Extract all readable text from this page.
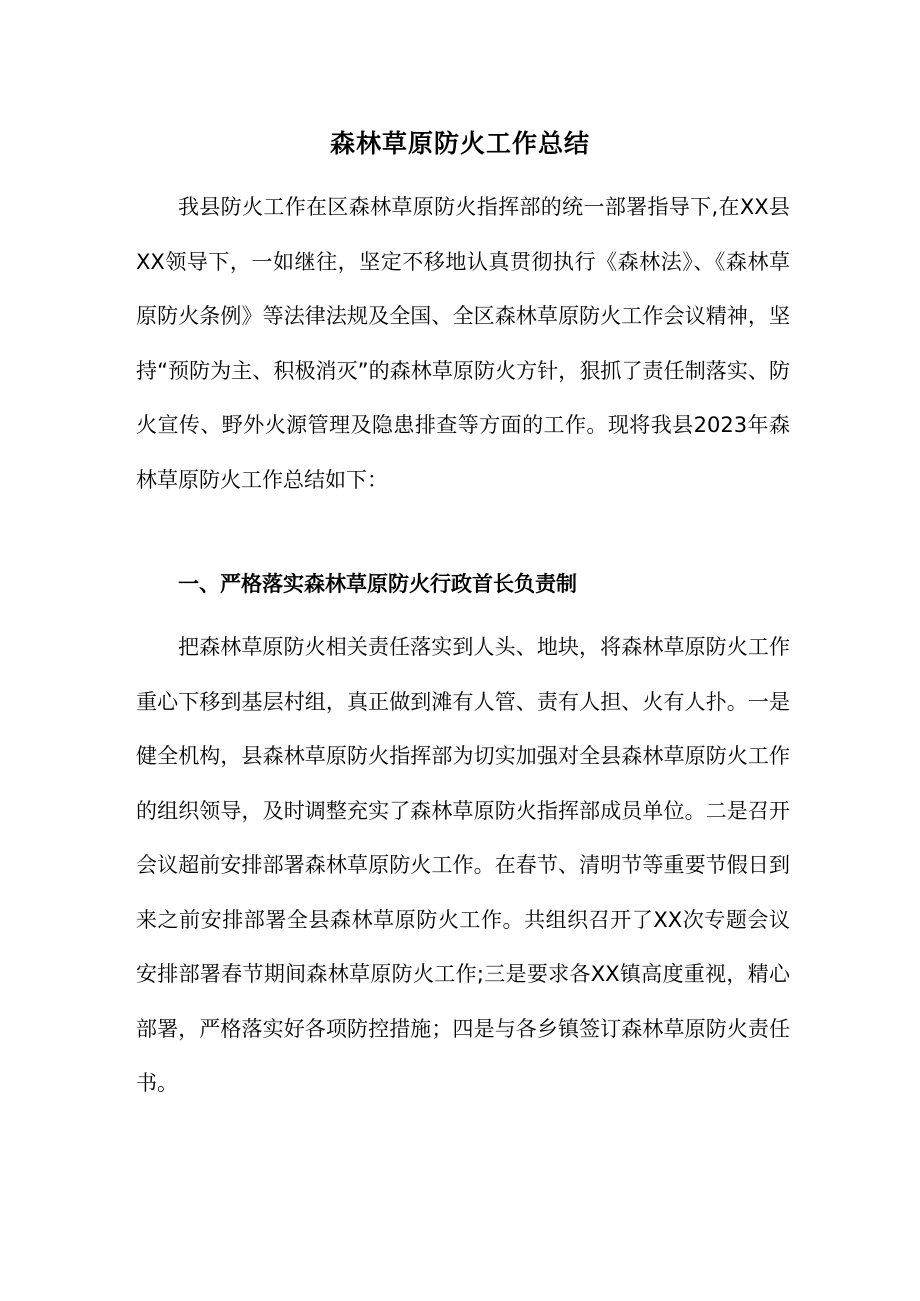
森林草原防火工作总结

我县防火工作在区森林草原防火指挥部的统一部署指导下,在XX县XX领导下，一如继往，坚定不移地认真贯彻执行《森林法》、《森林草原防火条例》等法律法规及全国、全区森林草原防火工作会议精神，坚持“预防为主、积极消灭”的森林草原防火方针，狠抓了责任制落实、防火宣传、野外火源管理及隐患排查等方面的工作。现将我县2023年森林草原防火工作总结如下：

一、严格落实森林草原防火行政首长负责制

把森林草原防火相关责任落实到人头、地块，将森林草原防火工作重心下移到基层村组，真正做到滩有人管、责有人担、火有人扑。一是健全机构，县森林草原防火指挥部为切实加强对全县森林草原防火工作的组织领导，及时调整充实了森林草原防火指挥部成员单位。二是召开会议超前安排部署森林草原防火工作。在春节、清明节等重要节假日到来之前安排部署全县森林草原防火工作。共组织召开了XX次专题会议安排部署春节期间森林草原防火工作;三是要求各XX镇高度重视，精心部署，严格落实好各项防控措施；四是与各乡镇签订森林草原防火责任书。
